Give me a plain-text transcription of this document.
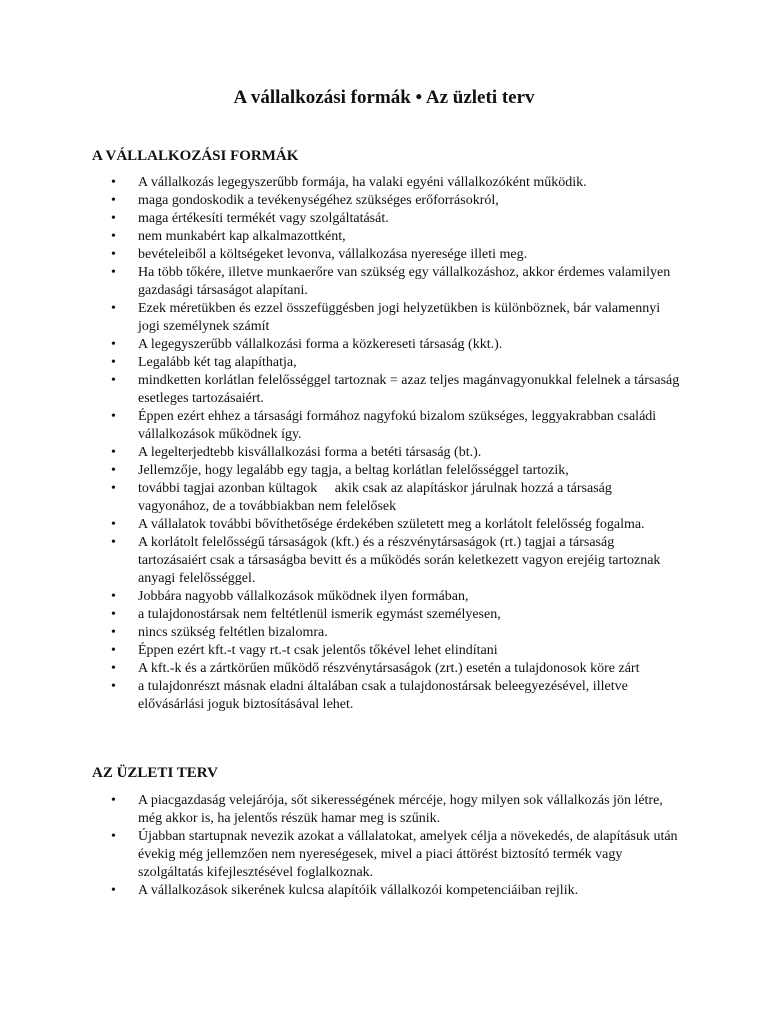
A vállalkozási formák • Az üzleti terv
A VÁLLALKOZÁSI FORMÁK
• A vállalkozás legegyszerűbb formája, ha valaki egyéni vállalkozóként működik.
• maga gondoskodik a tevékenységéhez szükséges erőforrásokról,
• maga értékesíti termékét vagy szolgáltatását.
• nem munkabért kap alkalmazottként,
• bevételeiből a költségeket levonva, vállalkozása nyeresége illeti meg.
• Ha több tőkére, illetve munkaerőre van szükség egy vállalkozáshoz, akkor érdemes valamilyen gazdasági társaságot alapítani.
• Ezek méretükben és ezzel összefüggésben jogi helyzetükben is különböznek, bár valamennyi jogi személynek számít
• A legegyszerűbb vállalkozási forma a közkereseti társaság (kkt.).
• Legalább két tag alapíthatja,
• mindketten korlátlan felelősséggel tartoznak = azaz teljes magánvagyonukkal felelnek a társaság esetleges tartozásaiért.
• Éppen ezért ehhez a társasági formához nagyfokú bizalom szükséges, leggyakrabban családi vállalkozások működnek így.
• A legelterjedtebb kisvállalkozási forma a betéti társaság (bt.).
• Jellemzője, hogy legalább egy tagja, a beltag korlátlan felelősséggel tartozik,
• további tagjai azonban kültagok     akik csak az alapításkor járulnak hozzá a társaság vagyonához, de a továbbiakban nem felelősek
• A vállalatok további bővíthetősége érdekében született meg a korlátolt felelősség fogalma.
• A korlátolt felelősségű társaságok (kft.) és a részvénytársaságok (rt.) tagjai a társaság tartozásaiért csak a társaságba bevitt és a működés során keletkezett vagyon erejéig tartoznak anyagi felelősséggel.
• Jobbára nagyobb vállalkozások működnek ilyen formában,
• a tulajdonostársak nem feltétlenül ismerik egymást személyesen,
• nincs szükség feltétlen bizalomra.
• Éppen ezért kft.-t vagy rt.-t csak jelentős tőkével lehet elindítani
• A kft.-k és a zártkörűen működő részvénytársaságok (zrt.) esetén a tulajdonosok köre zárt
• a tulajdonrészt másnak eladni általában csak a tulajdonostársak beleegyezésével, illetve elővásárlási joguk biztosításával lehet.
AZ ÜZLETI TERV
• A piacgazdaság velejárója, sőt sikerességének mércéje, hogy milyen sok vállalkozás jön létre, még akkor is, ha jelentős részük hamar meg is szűnik.
• Újabban startupnak nevezik azokat a vállalatokat, amelyek célja a növekedés, de alapításuk után évekig még jellemzően nem nyereségesek, mivel a piaci áttörést biztosító termék vagy szolgáltatás kifejlesztésével foglalkoznak.
• A vállalkozások sikerének kulcsa alapítóik vállalkozói kompetenciáiban rejlik.
